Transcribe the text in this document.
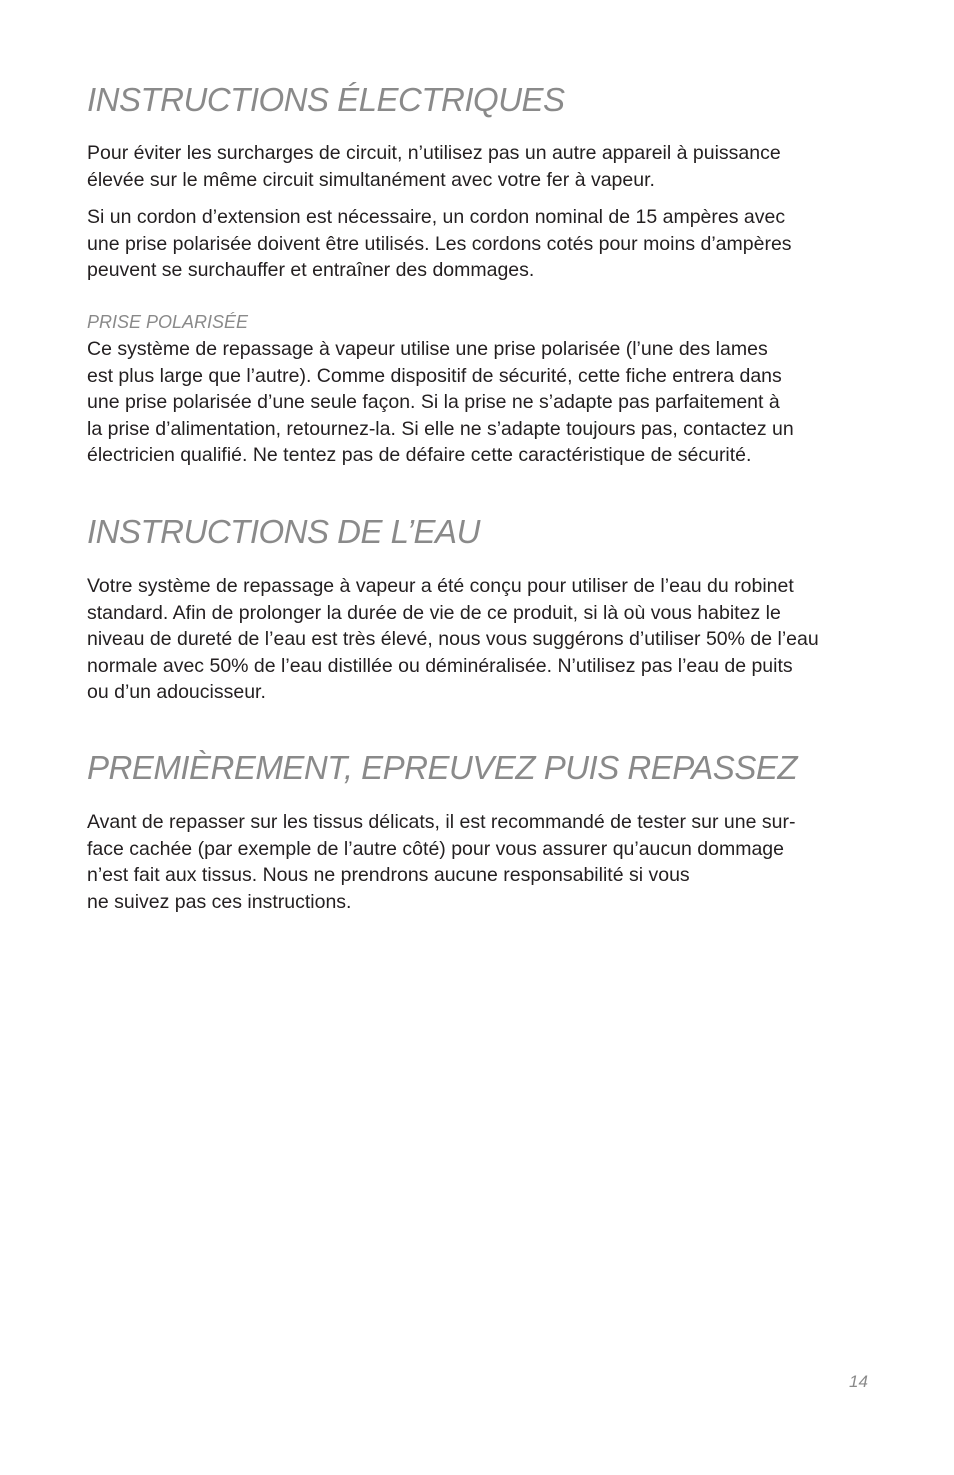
INSTRUCTIONS ÉLECTRIQUES

Pour éviter les surcharges de circuit, n’utilisez pas un autre appareil à puissance
élevée sur le même circuit simultanément avec votre fer à vapeur.

Si un cordon d’extension est nécessaire, un cordon nominal de 15 ampères avec
une prise polarisée doivent être utilisés. Les cordons cotés pour moins d’ampères
peuvent se surchauffer et entraîner des dommages.

PRISE POLARISÉE

Ce système de repassage à vapeur utilise une prise polarisée (l’une des lames
est plus large que l’autre). Comme dispositif de sécurité, cette fiche entrera dans
une prise polarisée d’une seule façon. Si la prise ne s’adapte pas parfaitement à
la prise d’alimentation, retournez-la. Si elle ne s’adapte toujours pas, contactez un
électricien qualifié. Ne tentez pas de défaire cette caractéristique de sécurité.

INSTRUCTIONS DE L’EAU

Votre système de repassage à vapeur a été conçu pour utiliser de l’eau du robinet
standard. Afin de prolonger la durée de vie de ce produit, si là où vous habitez le
niveau de dureté de l’eau est très élevé, nous vous suggérons d’utiliser 50% de l’eau
normale avec 50% de l’eau distillée ou déminéralisée. N’utilisez pas l’eau de puits
ou d’un adoucisseur.

PREMIÈREMENT, EPREUVEZ PUIS REPASSEZ

Avant de repasser sur les tissus délicats, il est recommandé de tester sur une sur-
face cachée (par exemple de l’autre côté) pour vous assurer qu’aucun dommage
n’est fait aux tissus. Nous ne prendrons aucune responsabilité si vous
ne suivez pas ces instructions.

14
